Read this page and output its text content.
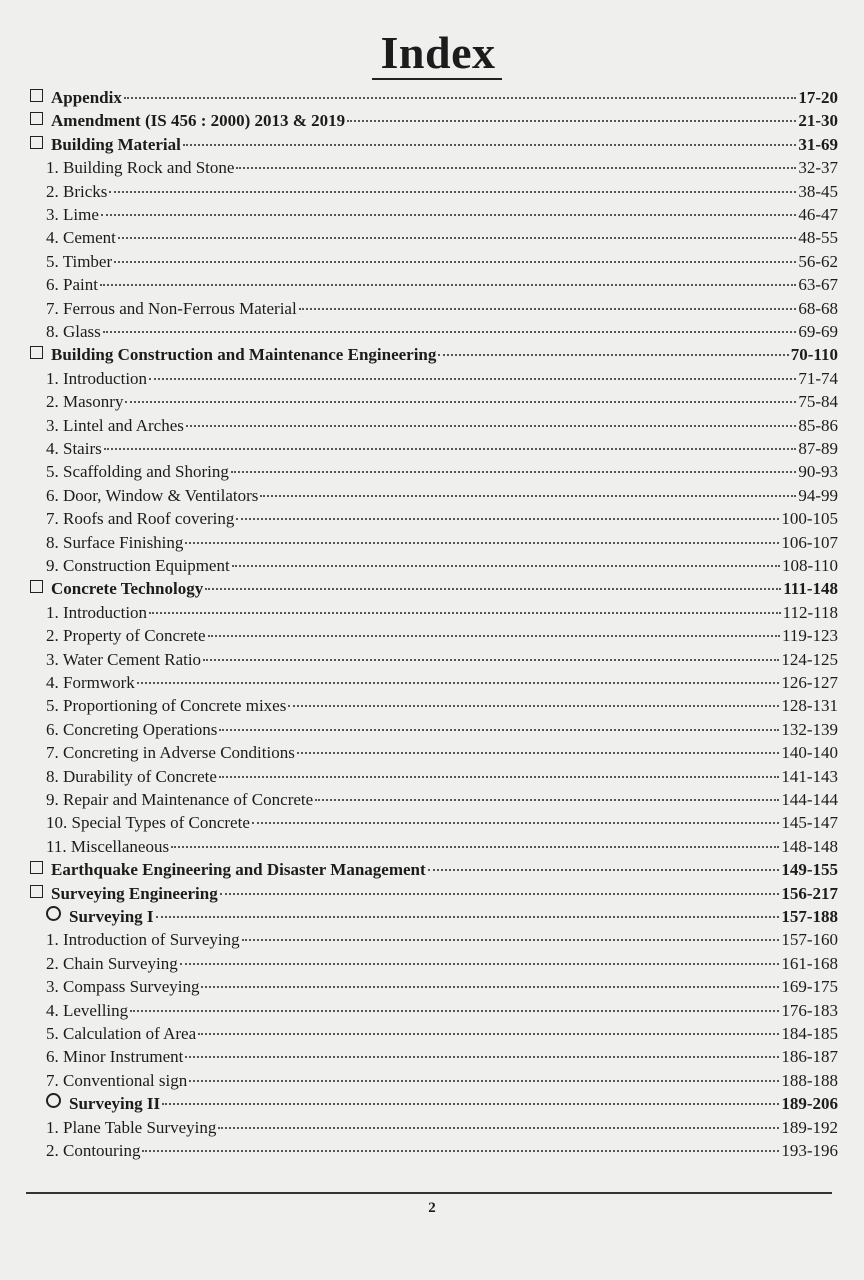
Index
Appendix	17-20
Amendment (IS 456 : 2000) 2013 & 2019	21-30
Building Material	31-69
1. Building Rock and Stone	32-37
2. Bricks	38-45
3. Lime	46-47
4. Cement	48-55
5. Timber	56-62
6. Paint	63-67
7. Ferrous and Non-Ferrous Material	68-68
8. Glass	69-69
Building Construction and Maintenance Engineering	70-110
1. Introduction	71-74
2. Masonry	75-84
3. Lintel and Arches	85-86
4. Stairs	87-89
5. Scaffolding and Shoring	90-93
6. Door, Window & Ventilators	94-99
7. Roofs and Roof covering	100-105
8. Surface Finishing	106-107
9. Construction Equipment	108-110
Concrete Technology	111-148
1. Introduction	112-118
2. Property of Concrete	119-123
3. Water Cement Ratio	124-125
4. Formwork	126-127
5. Proportioning of Concrete mixes	128-131
6. Concreting Operations	132-139
7. Concreting in Adverse Conditions	140-140
8. Durability of Concrete	141-143
9. Repair and Maintenance of Concrete	144-144
10. Special Types of Concrete	145-147
11. Miscellaneous	148-148
Earthquake Engineering and Disaster Management	149-155
Surveying Engineering	156-217
Surveying I	157-188
1. Introduction of Surveying	157-160
2. Chain Surveying	161-168
3. Compass Surveying	169-175
4. Levelling	176-183
5. Calculation of Area	184-185
6. Minor Instrument	186-187
7. Conventional sign	188-188
Surveying II	189-206
1. Plane Table Surveying	189-192
2. Contouring	193-196
2
